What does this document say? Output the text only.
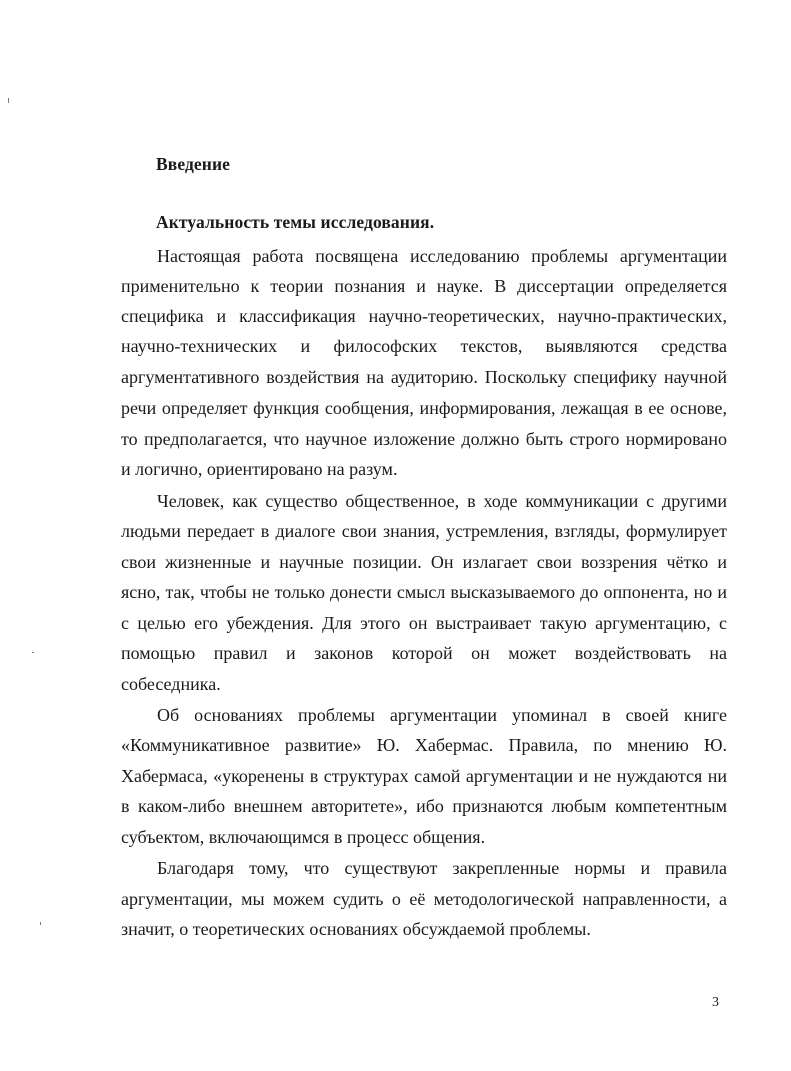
Введение
Актуальность темы исследования.
Настоящая работа посвящена исследованию проблемы аргументации
применительно к теории познания и науке. В диссертации определяется
специфика и классификация научно-теоретических, научно-практических,
научно-технических и философских текстов, выявляются средства
аргументативного воздействия на аудиторию. Поскольку специфику научной
речи определяет функция сообщения, информирования, лежащая в ее основе,
то предполагается, что научное изложение должно быть строго нормировано
и логично, ориентировано на разум.
Человек, как существо общественное, в ходе коммуникации с другими
людьми передает в диалоге свои знания, устремления, взгляды, формулирует
свои жизненные и научные позиции. Он излагает свои воззрения чётко и
ясно, так, чтобы не только донести смысл высказываемого до оппонента, но и
с целью его убеждения. Для этого он выстраивает такую аргументацию, с
помощью правил и законов которой он может воздействовать на
собеседника.
Об основаниях проблемы аргументации упоминал в своей книге
«Коммуникативное развитие» Ю. Хабермас. Правила, по мнению Ю.
Хабермаса, «укоренены в структурах самой аргументации и не нуждаются ни
в каком-либо внешнем авторитете», ибо признаются любым компетентным
субъектом, включающимся в процесс общения.
Благодаря тому, что существуют закрепленные нормы и правила
аргументации, мы можем судить о её методологической направленности, а
значит, о теоретических основаниях обсуждаемой проблемы.
3
